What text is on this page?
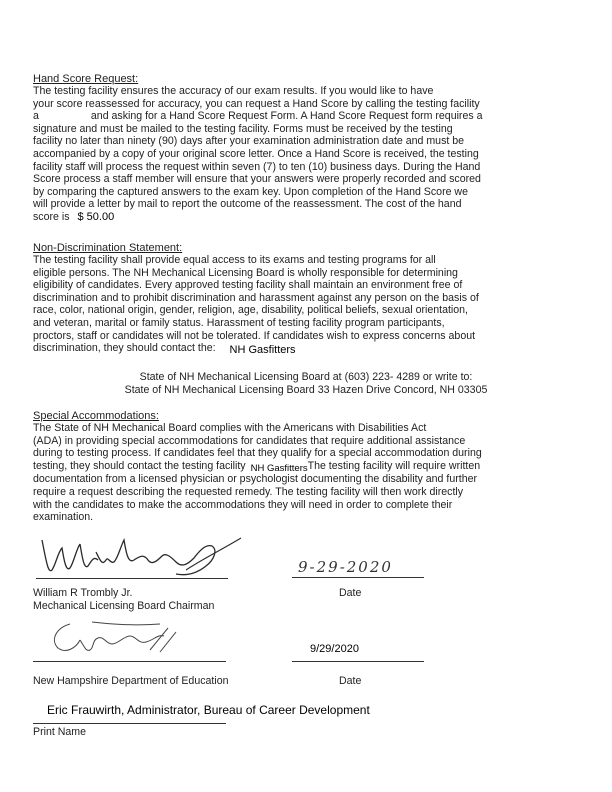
Hand Score Request:

The testing facility ensures the accuracy of our exam results. If you would like to have

your score reassessed for accuracy, you can request a Hand Score by calling the testing facility

a	and asking for a Hand Score Request Form. A Hand Score Request form requires a

signature and must be mailed to the testing facility. Forms must be received by the testing

facility no later than ninety (90) days after your examination administration date and must be

accompanied by a copy of your original score letter. Once a Hand Score is received, the testing

facility staff will process the request within seven (7) to ten (10) business days. During the Hand

Score process a staff member will ensure that your answers were properly recorded and scored

by comparing the captured answers to the exam key. Upon completion of the Hand Score we

will provide a letter by mail to report the outcome of the reassessment. The cost of the hand

score is $ 50.00

Non-Discrimination Statement:

The testing facility shall provide equal access to its exams and testing programs for all

eligible persons. The NH Mechanical Licensing Board is wholly responsible for determining

eligibility of candidates. Every approved testing facility shall maintain an environment free of

discrimination and to prohibit discrimination and harassment against any person on the basis of

race, color, national origin, gender, religion, age, disability, political beliefs, sexual orientation,

and veteran, marital or family status. Harassment of testing facility program participants,

proctors, staff or candidates will not be tolerated. If candidates wish to express concerns about

discrimination, they should contact the: NH Gasfitters

State of NH Mechanical Licensing Board at (603) 223- 4289 or write to:
State of NH Mechanical Licensing Board 33 Hazen Drive Concord, NH 03305

Special Accommodations:

The State of NH Mechanical Board complies with the Americans with Disabilities Act

(ADA) in providing special accommodations for candidates that require additional assistance

during to testing process. If candidates feel that they qualify for a special accommodation during

testing, they should contact the testing facility NH GasfittersThe testing facility will require written

documentation from a licensed physician or psychologist documenting the disability and further

require a request describing the requested remedy. The testing facility will then work directly

with the candidates to make the accommodations they will need in order to complete their

examination.

9-29-2020
William R Trombly Jr.
Mechanical Licensing Board Chairman
Date
9/29/2020
New Hampshire Department of Education	Date
Eric Frauwirth, Administrator, Bureau of Career Development
Print Name
